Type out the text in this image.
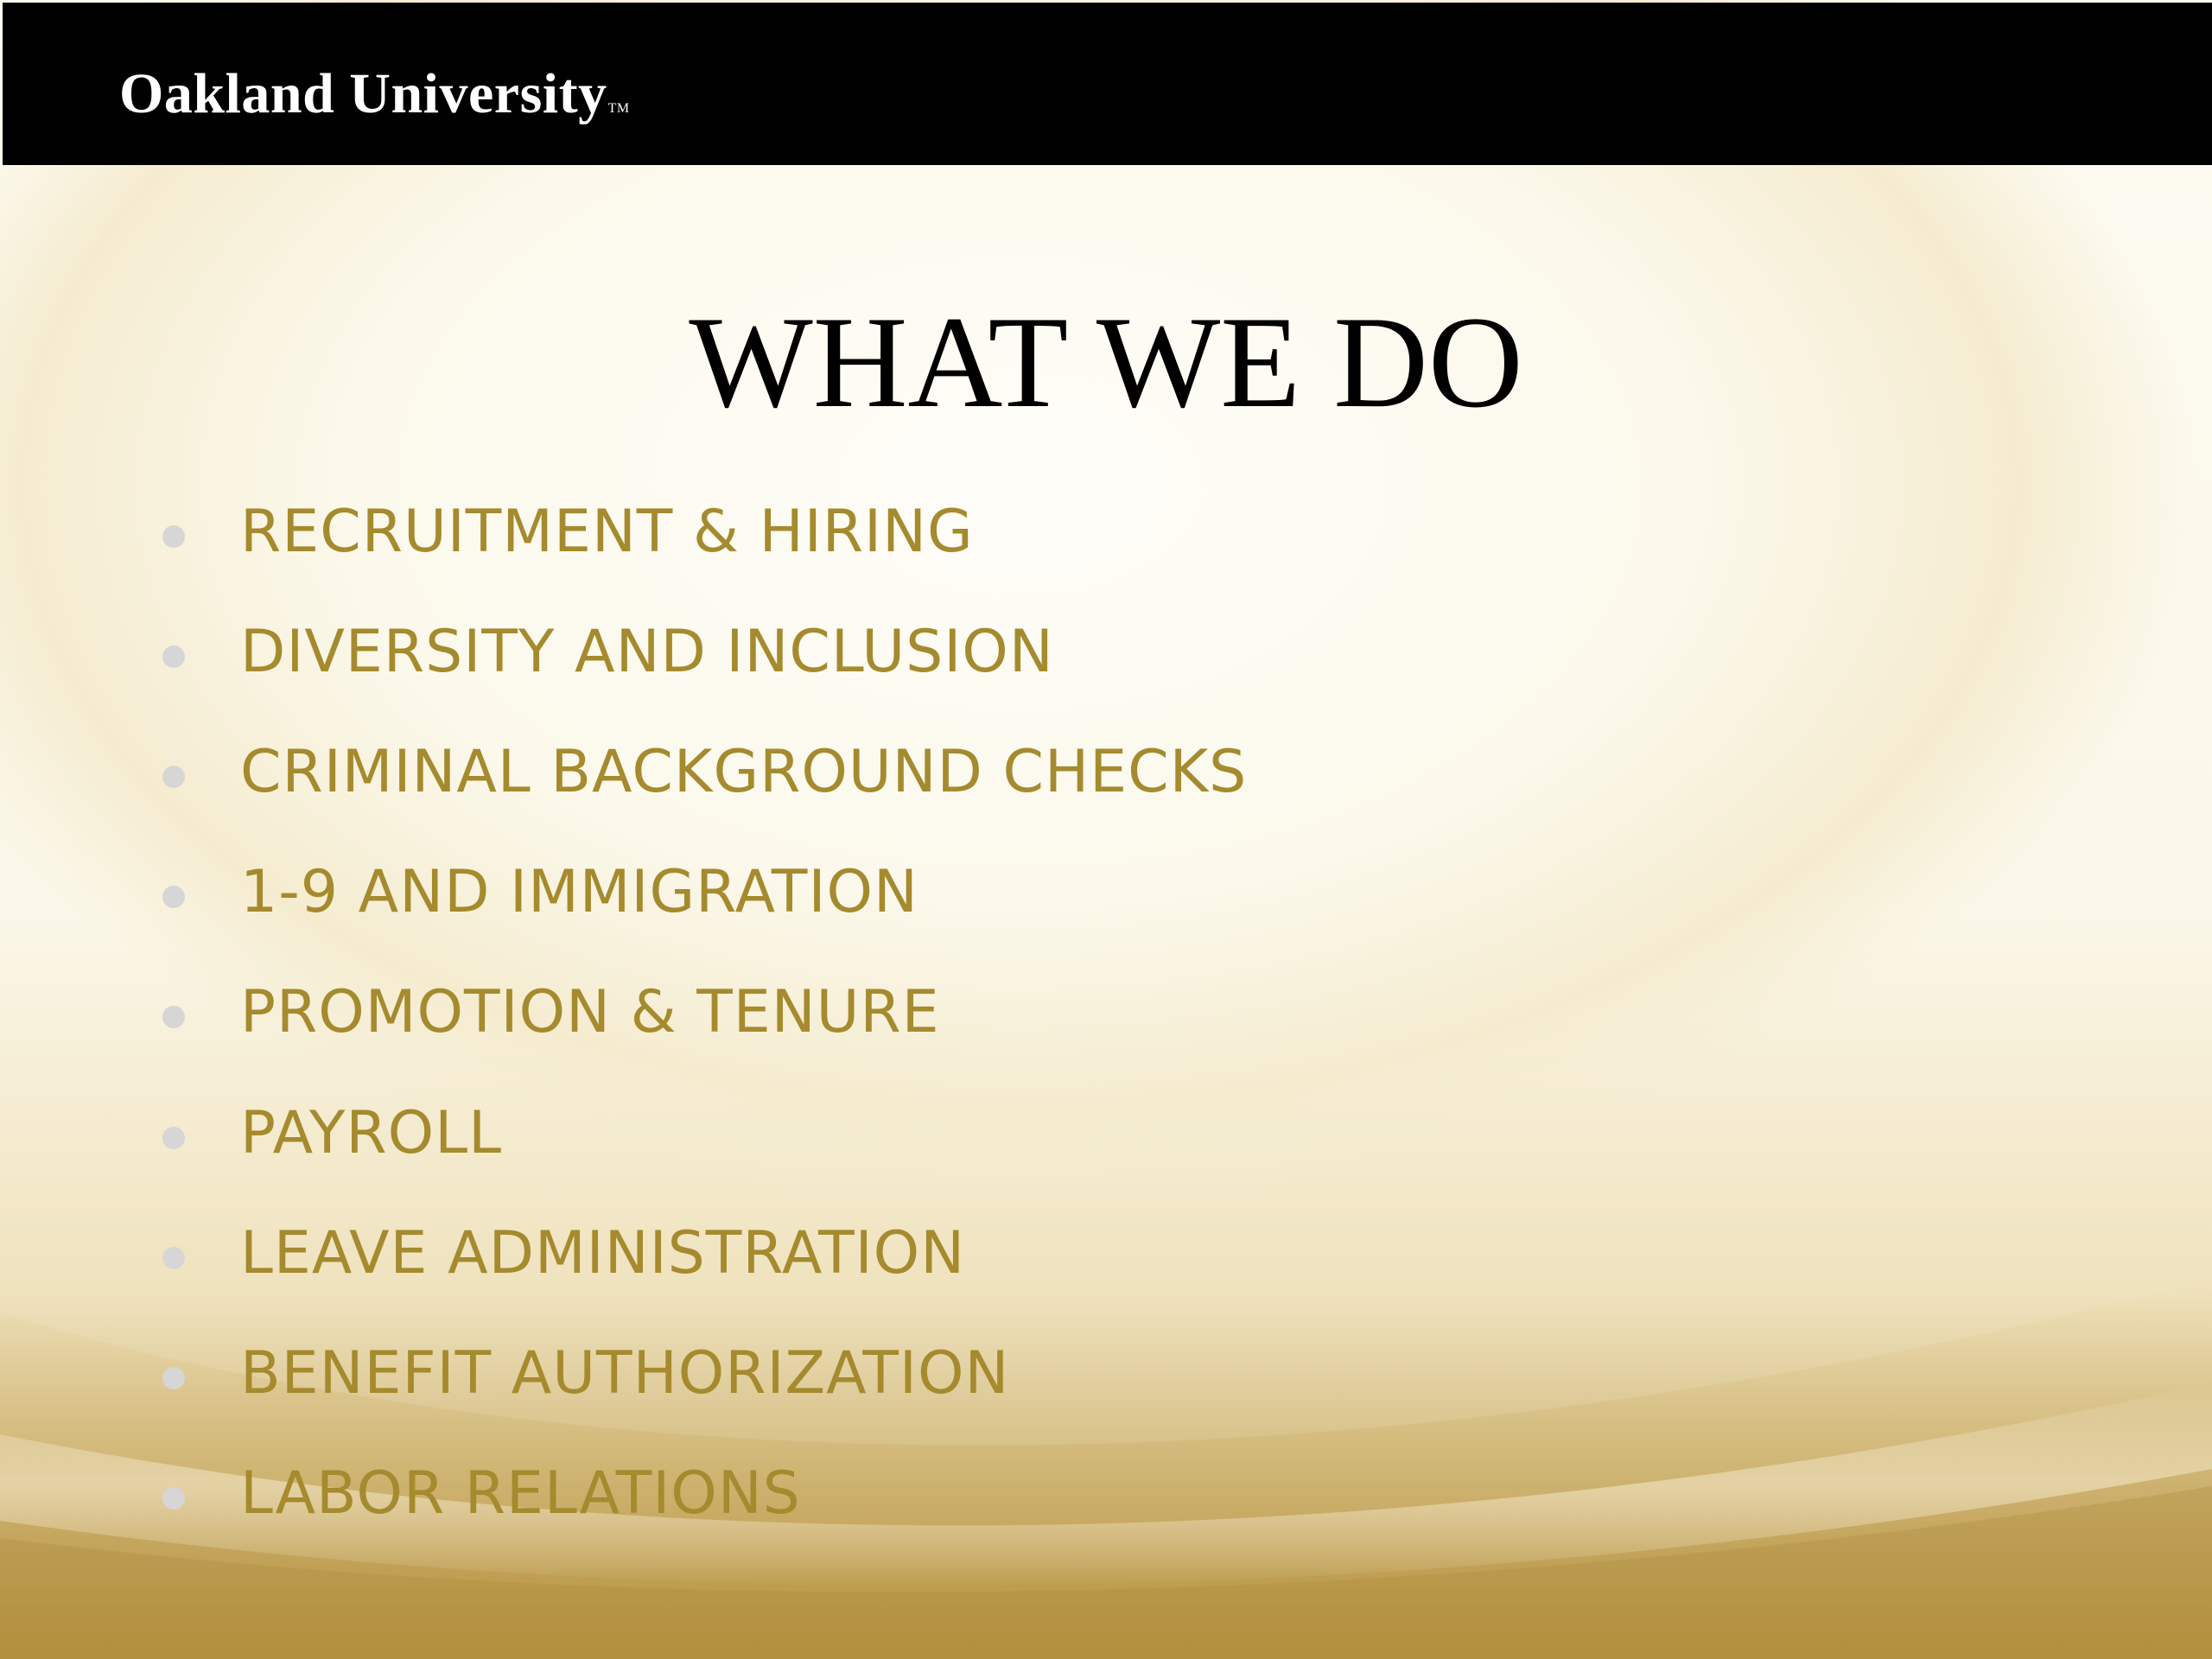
Oakland UniversityTM
WHAT WE DO
RECRUITMENT & HIRING
DIVERSITY AND INCLUSION
CRIMINAL BACKGROUND CHECKS
1-9 AND IMMIGRATION
PROMOTION & TENURE
PAYROLL
LEAVE ADMINISTRATION
BENEFIT AUTHORIZATION
LABOR RELATIONS
